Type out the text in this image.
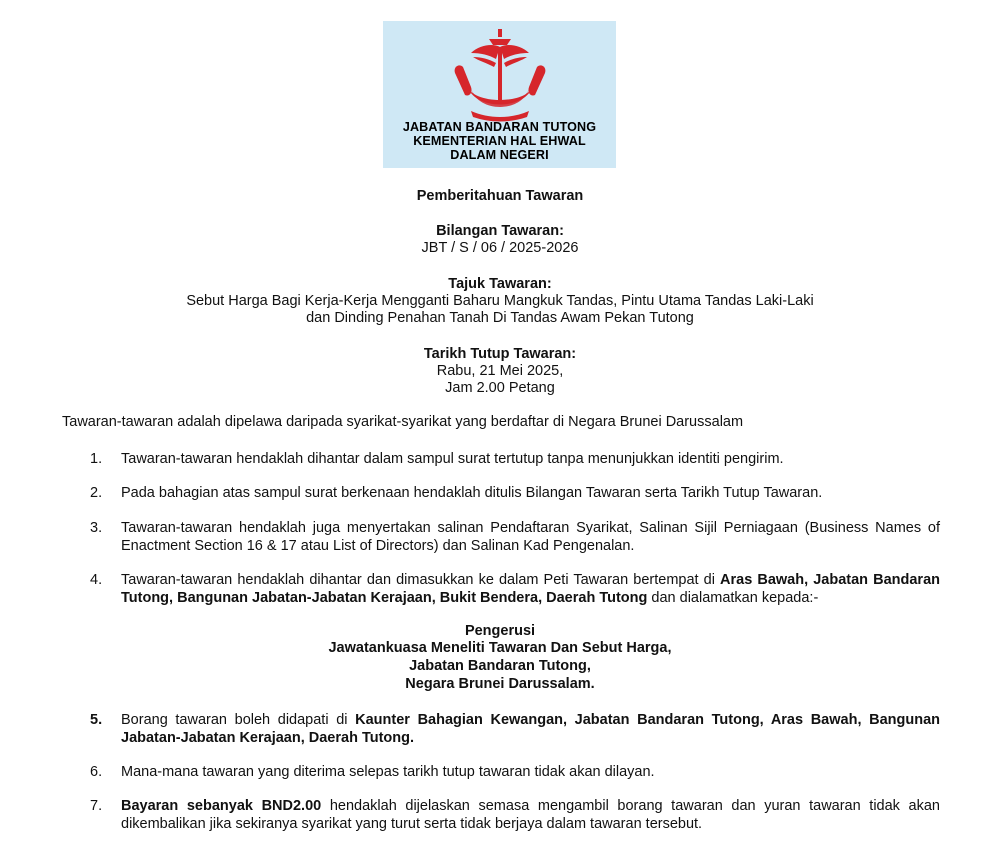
JABATAN BANDARAN TUTONG
KEMENTERIAN HAL EHWAL
DALAM NEGERI
Pemberitahuan Tawaran
Bilangan Tawaran:
JBT / S / 06 / 2025-2026
Tajuk Tawaran:
Sebut Harga Bagi Kerja-Kerja Mengganti Baharu Mangkuk Tandas, Pintu Utama Tandas Laki-Laki
dan Dinding Penahan Tanah Di Tandas Awam Pekan Tutong
Tarikh Tutup Tawaran:
Rabu, 21 Mei 2025,
Jam 2.00 Petang
Tawaran-tawaran adalah dipelawa daripada syarikat-syarikat yang berdaftar di Negara Brunei Darussalam
1.	Tawaran-tawaran hendaklah dihantar dalam sampul surat tertutup tanpa menunjukkan identiti pengirim.
2.	Pada bahagian atas sampul surat berkenaan hendaklah ditulis Bilangan Tawaran serta Tarikh Tutup Tawaran.
3.	Tawaran-tawaran hendaklah juga menyertakan salinan Pendaftaran Syarikat, Salinan Sijil Perniagaan (Business Names of Enactment Section 16 & 17 atau List of Directors) dan Salinan Kad Pengenalan.
4.	Tawaran-tawaran hendaklah dihantar dan dimasukkan ke dalam Peti Tawaran bertempat di Aras Bawah, Jabatan Bandaran Tutong, Bangunan Jabatan-Jabatan Kerajaan, Bukit Bendera, Daerah Tutong dan dialamatkan kepada:-
Pengerusi
Jawatankuasa Meneliti Tawaran Dan Sebut Harga,
Jabatan Bandaran Tutong,
Negara Brunei Darussalam.
5.	Borang tawaran boleh didapati di Kaunter Bahagian Kewangan, Jabatan Bandaran Tutong, Aras Bawah, Bangunan Jabatan-Jabatan Kerajaan, Daerah Tutong.
6.	Mana-mana tawaran yang diterima selepas tarikh tutup tawaran tidak akan dilayan.
7.	Bayaran sebanyak BND2.00 hendaklah dijelaskan semasa mengambil borang tawaran dan yuran tawaran tidak akan dikembalikan jika sekiranya syarikat yang turut serta tidak berjaya dalam tawaran tersebut.
